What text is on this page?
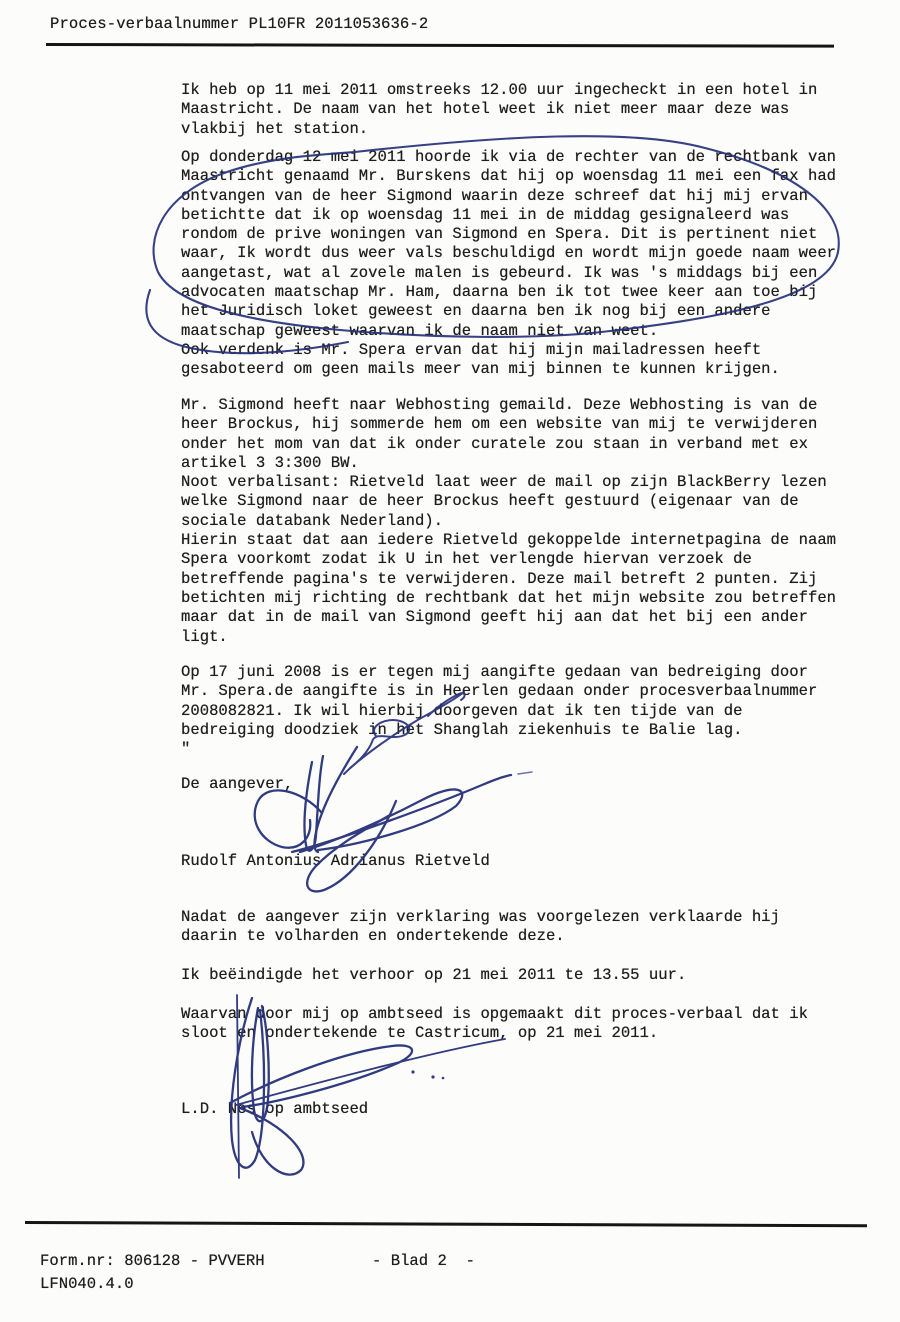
Proces-verbaalnummer PL10FR 2011053636-2
Ik heb op 11 mei 2011 omstreeks 12.00 uur ingecheckt in een hotel in
Maastricht. De naam van het hotel weet ik niet meer maar deze was
vlakbij het station.
Op donderdag 12 mei 2011 hoorde ik via de rechter van de rechtbank van
Maastricht genaamd Mr. Burskens dat hij op woensdag 11 mei een fax had
ontvangen van de heer Sigmond waarin deze schreef dat hij mij ervan
betichtte dat ik op woensdag 11 mei in de middag gesignaleerd was
rondom de prive woningen van Sigmond en Spera. Dit is pertinent niet
waar, Ik wordt dus weer vals beschuldigd en wordt mijn goede naam weer
aangetast, wat al zovele malen is gebeurd. Ik was 's middags bij een
advocaten maatschap Mr. Ham, daarna ben ik tot twee keer aan toe bij
het Juridisch loket geweest en daarna ben ik nog bij een andere
maatschap geweest waarvan ik de naam niet van weet.
Ook verdenk is Mr. Spera ervan dat hij mijn mailadressen heeft
gesaboteerd om geen mails meer van mij binnen te kunnen krijgen.
Mr. Sigmond heeft naar Webhosting gemaild. Deze Webhosting is van de
heer Brockus, hij sommerde hem om een website van mij te verwijderen
onder het mom van dat ik onder curatele zou staan in verband met ex
artikel 3 3:300 BW.
Noot verbalisant: Rietveld laat weer de mail op zijn BlackBerry lezen
welke Sigmond naar de heer Brockus heeft gestuurd (eigenaar van de
sociale databank Nederland).
Hierin staat dat aan iedere Rietveld gekoppelde internetpagina de naam
Spera voorkomt zodat ik U in het verlengde hiervan verzoek de
betreffende pagina's te verwijderen. Deze mail betreft 2 punten. Zij
betichten mij richting de rechtbank dat het mijn website zou betreffen
maar dat in de mail van Sigmond geeft hij aan dat het bij een ander
ligt.
Op 17 juni 2008 is er tegen mij aangifte gedaan van bedreiging door
Mr. Spera.de aangifte is in Heerlen gedaan onder procesverbaalnummer
2008082821. Ik wil hierbij doorgeven dat ik ten tijde van de
bedreiging doodziek in het Shanglah ziekenhuis te Balie lag.
"
De aangever,
Rudolf Antonius Adrianus Rietveld
Nadat de aangever zijn verklaring was voorgelezen verklaarde hij
daarin te volharden en ondertekende deze.
Ik beëindigde het verhoor op 21 mei 2011 te 13.55 uur.
Waarvan door mij op ambtseed is opgemaakt dit proces-verbaal dat ik
sloot en ondertekende te Castricum, op 21 mei 2011.
L.D. Nes op ambtseed
Form.nr: 806128 - PVVERH	- Blad 2  -
LFN040.4.0
